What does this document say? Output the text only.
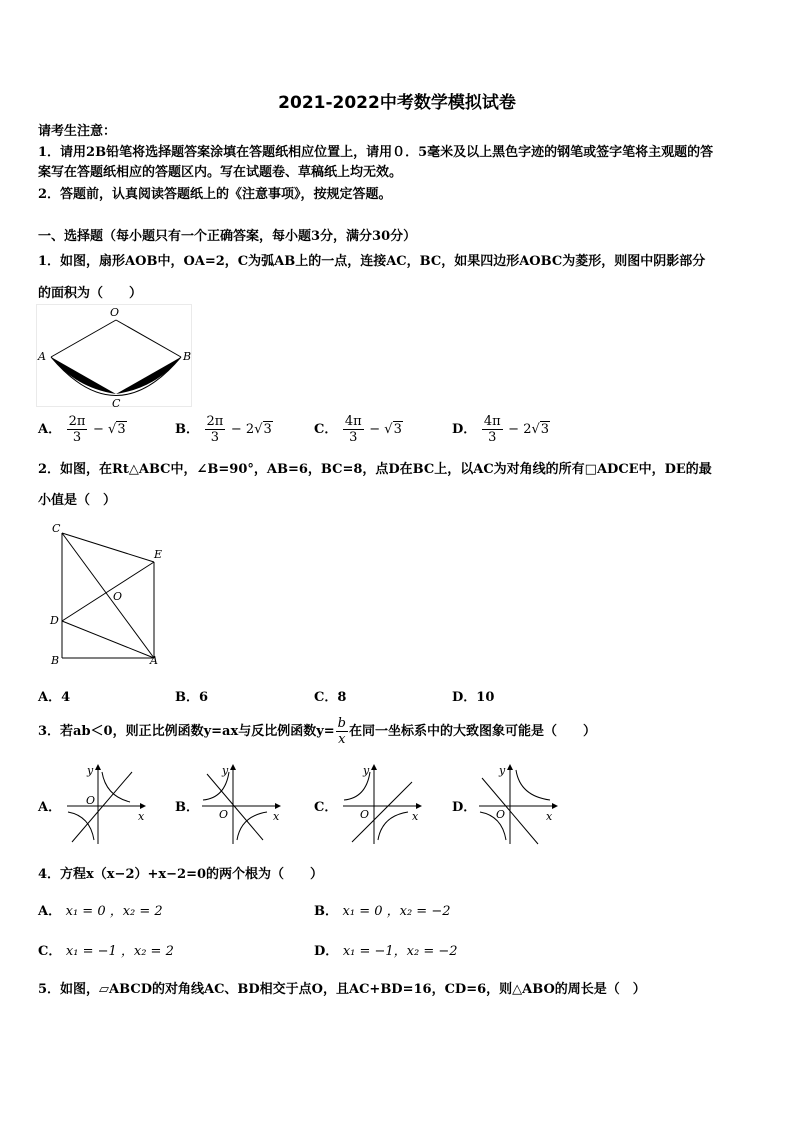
2021-2022中考数学模拟试卷
请考生注意：
1．请用2B铅笔将选择题答案涂填在答题纸相应位置上，请用０．5毫米及以上黑色字迹的钢笔或签字笔将主观题的答
案写在答题纸相应的答题区内。写在试题卷、草稿纸上均无效。
2．答题前，认真阅读答题纸上的《注意事项》，按规定答题。
一、选择题（每小题只有一个正确答案，每小题3分，满分30分）
1．如图，扇形AOB中，OA=2，C为弧AB上的一点，连接AC，BC，如果四边形AOBC为菱形，则图中阴影部分
的面积为（　　）
O
A	B
C
A． $\frac{2\pi}{3} - √3$	B． $\frac{2\pi}{3} - 2√3$	C． $\frac{4\pi}{3} - √3$	D． $\frac{4\pi}{3} - 2√3$
2．如图，在Rt△ABC中，∠B=90°，AB=6，BC=8，点D在BC上，以AC为对角线的所有□ADCE中，DE的最
小值是（　）
C
E
O
D
B	A
A．4	B．6	C．8	D．10
3．若ab＜0，则正比例函数y=ax与反比例函数$y= \frac{b}{x}$ 在同一坐标系中的大致图象可能是（　　）
A．
x
y
O	B．
x
y
O	C．
x
y
O	D．
x
y
O
4．方程x（x−2）+x−2=0的两个根为（　　）
A． x₁ = 0 ，x₂ = 2	B． x₁ = 0 ，x₂ = −2
C． x₁ = −1 ，x₂ = 2	D． x₁ = −1，x₂ = −2
5．如图，▱ABCD的对角线AC、BD相交于点O，且AC+BD=16，CD=6，则△ABO的周长是（　）
